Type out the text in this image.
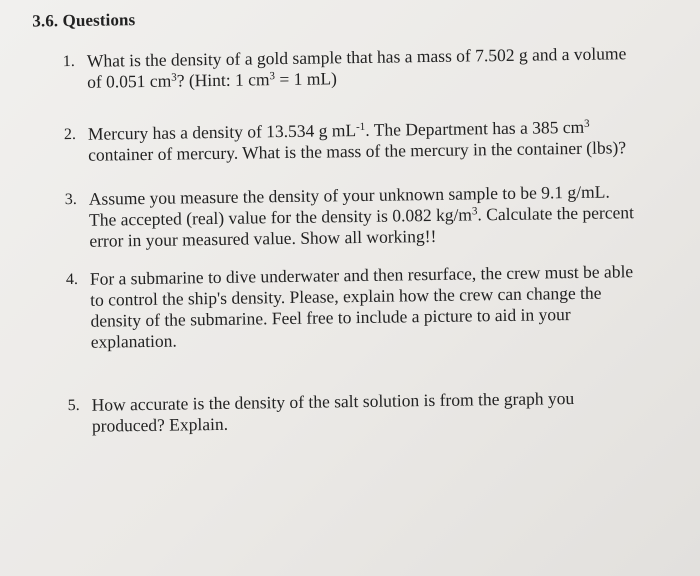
3.6. Questions
1. What is the density of a gold sample that has a mass of 7.502 g and a volume
of 0.051 $cm^3$? (Hint: 1 $cm^3 = 1$ mL)
2. Mercury has a density of 13.534 g $mL^{-1}$. The Department has a 385 $cm^3$
container of mercury. What is the mass of the mercury in the container (lbs)?
3. Assume you measure the density of your unknown sample to be 9.1 g/mL.
The accepted (real) value for the density is 0.082 $kg/m^3$. Calculate the percent
error in your measured value. Show all working!!
4. For a submarine to dive underwater and then resurface, the crew must be able
to control the ship's density. Please, explain how the crew can change the
density of the submarine. Feel free to include a picture to aid in your
explanation.
5. How accurate is the density of the salt solution is from the graph you
produced? Explain.
